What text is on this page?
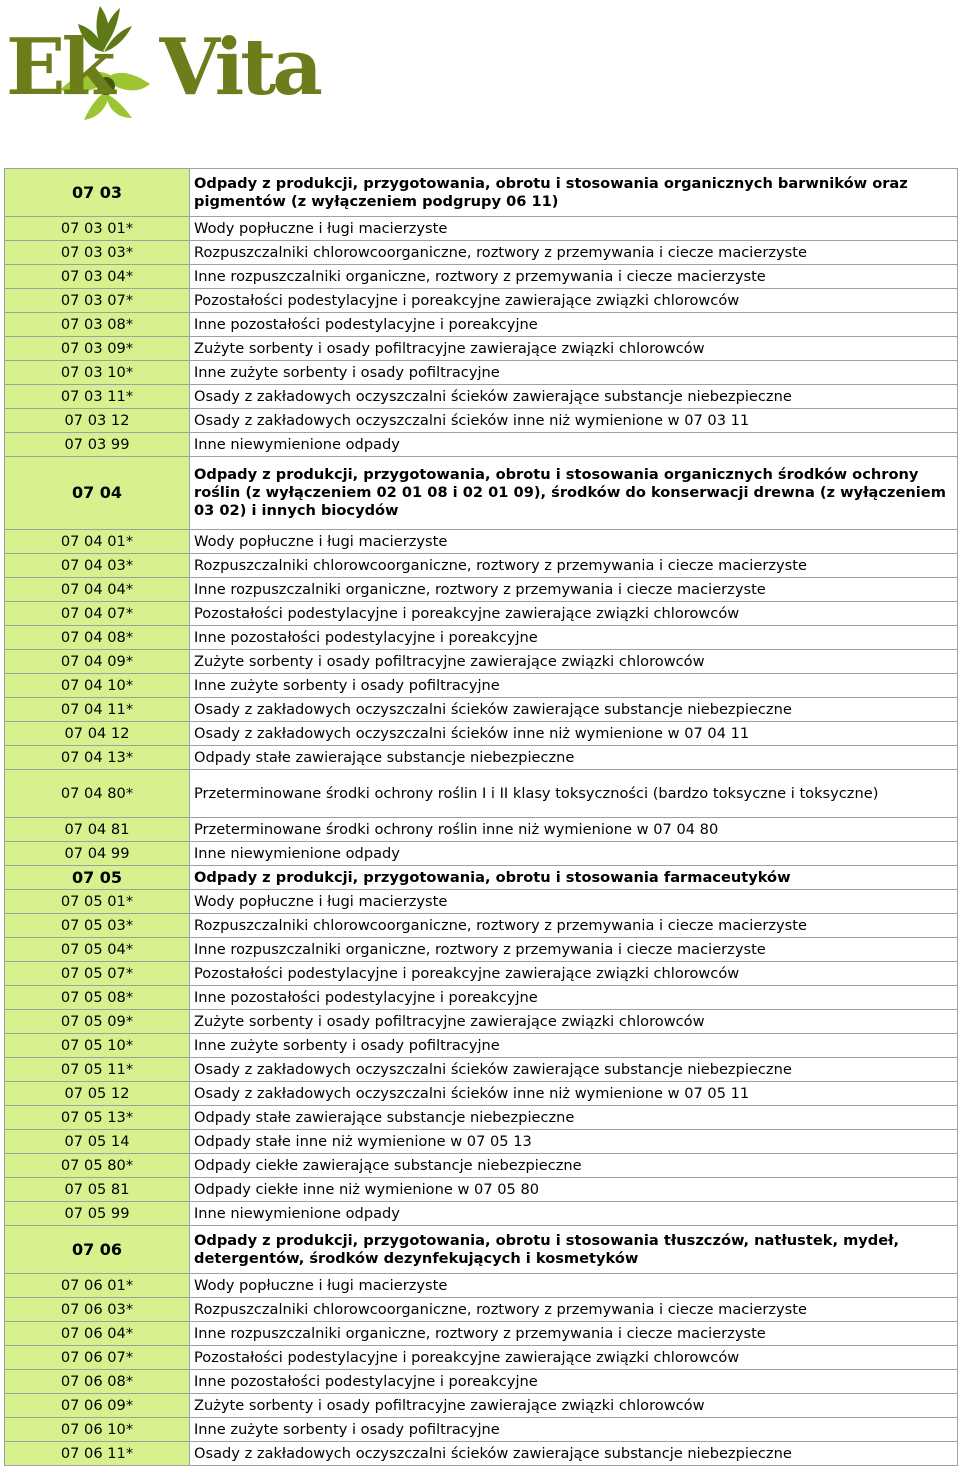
Ek Vita
07 03	Odpady z produkcji, przygotowania, obrotu i stosowania organicznych barwników oraz pigmentów (z wyłączeniem podgrupy 06 11)
07 03 01*	Wody popłuczne i ługi macierzyste
07 03 03*	Rozpuszczalniki chlorowcoorganiczne, roztwory z przemywania i ciecze macierzyste
07 03 04*	Inne rozpuszczalniki organiczne, roztwory z przemywania i ciecze macierzyste
07 03 07*	Pozostałości podestylacyjne i poreakcyjne zawierające związki chlorowców
07 03 08*	Inne pozostałości podestylacyjne i poreakcyjne
07 03 09*	Zużyte sorbenty i osady pofiltracyjne zawierające związki chlorowców
07 03 10*	Inne zużyte sorbenty i osady pofiltracyjne
07 03 11*	Osady z zakładowych oczyszczalni ścieków zawierające substancje niebezpieczne
07 03 12	Osady z zakładowych oczyszczalni ścieków inne niż wymienione w 07 03 11
07 03 99	Inne niewymienione odpady
07 04	Odpady z produkcji, przygotowania, obrotu i stosowania organicznych środków ochrony roślin (z wyłączeniem 02 01 08 i 02 01 09), środków do konserwacji drewna (z wyłączeniem 03 02) i innych biocydów
07 04 01*	Wody popłuczne i ługi macierzyste
07 04 03*	Rozpuszczalniki chlorowcoorganiczne, roztwory z przemywania i ciecze macierzyste
07 04 04*	Inne rozpuszczalniki organiczne, roztwory z przemywania i ciecze macierzyste
07 04 07*	Pozostałości podestylacyjne i poreakcyjne zawierające związki chlorowców
07 04 08*	Inne pozostałości podestylacyjne i poreakcyjne
07 04 09*	Zużyte sorbenty i osady pofiltracyjne zawierające związki chlorowców
07 04 10*	Inne zużyte sorbenty i osady pofiltracyjne
07 04 11*	Osady z zakładowych oczyszczalni ścieków zawierające substancje niebezpieczne
07 04 12	Osady z zakładowych oczyszczalni ścieków inne niż wymienione w 07 04 11
07 04 13*	Odpady stałe zawierające substancje niebezpieczne
07 04 80*	Przeterminowane środki ochrony roślin I i II klasy toksyczności (bardzo toksyczne i toksyczne)
07 04 81	Przeterminowane środki ochrony roślin inne niż wymienione w 07 04 80
07 04 99	Inne niewymienione odpady
07 05	Odpady z produkcji, przygotowania, obrotu i stosowania farmaceutyków
07 05 01*	Wody popłuczne i ługi macierzyste
07 05 03*	Rozpuszczalniki chlorowcoorganiczne, roztwory z przemywania i ciecze macierzyste
07 05 04*	Inne rozpuszczalniki organiczne, roztwory z przemywania i ciecze macierzyste
07 05 07*	Pozostałości podestylacyjne i poreakcyjne zawierające związki chlorowców
07 05 08*	Inne pozostałości podestylacyjne i poreakcyjne
07 05 09*	Zużyte sorbenty i osady pofiltracyjne zawierające związki chlorowców
07 05 10*	Inne zużyte sorbenty i osady pofiltracyjne
07 05 11*	Osady z zakładowych oczyszczalni ścieków zawierające substancje niebezpieczne
07 05 12	Osady z zakładowych oczyszczalni ścieków inne niż wymienione w 07 05 11
07 05 13*	Odpady stałe zawierające substancje niebezpieczne
07 05 14	Odpady stałe inne niż wymienione w 07 05 13
07 05 80*	Odpady ciekłe zawierające substancje niebezpieczne
07 05 81	Odpady ciekłe inne niż wymienione w 07 05 80
07 05 99	Inne niewymienione odpady
07 06	Odpady z produkcji, przygotowania, obrotu i stosowania tłuszczów, natłustek, mydeł, detergentów, środków dezynfekujących i kosmetyków
07 06 01*	Wody popłuczne i ługi macierzyste
07 06 03*	Rozpuszczalniki chlorowcoorganiczne, roztwory z przemywania i ciecze macierzyste
07 06 04*	Inne rozpuszczalniki organiczne, roztwory z przemywania i ciecze macierzyste
07 06 07*	Pozostałości podestylacyjne i poreakcyjne zawierające związki chlorowców
07 06 08*	Inne pozostałości podestylacyjne i poreakcyjne
07 06 09*	Zużyte sorbenty i osady pofiltracyjne zawierające związki chlorowców
07 06 10*	Inne zużyte sorbenty i osady pofiltracyjne
07 06 11*	Osady z zakładowych oczyszczalni ścieków zawierające substancje niebezpieczne
